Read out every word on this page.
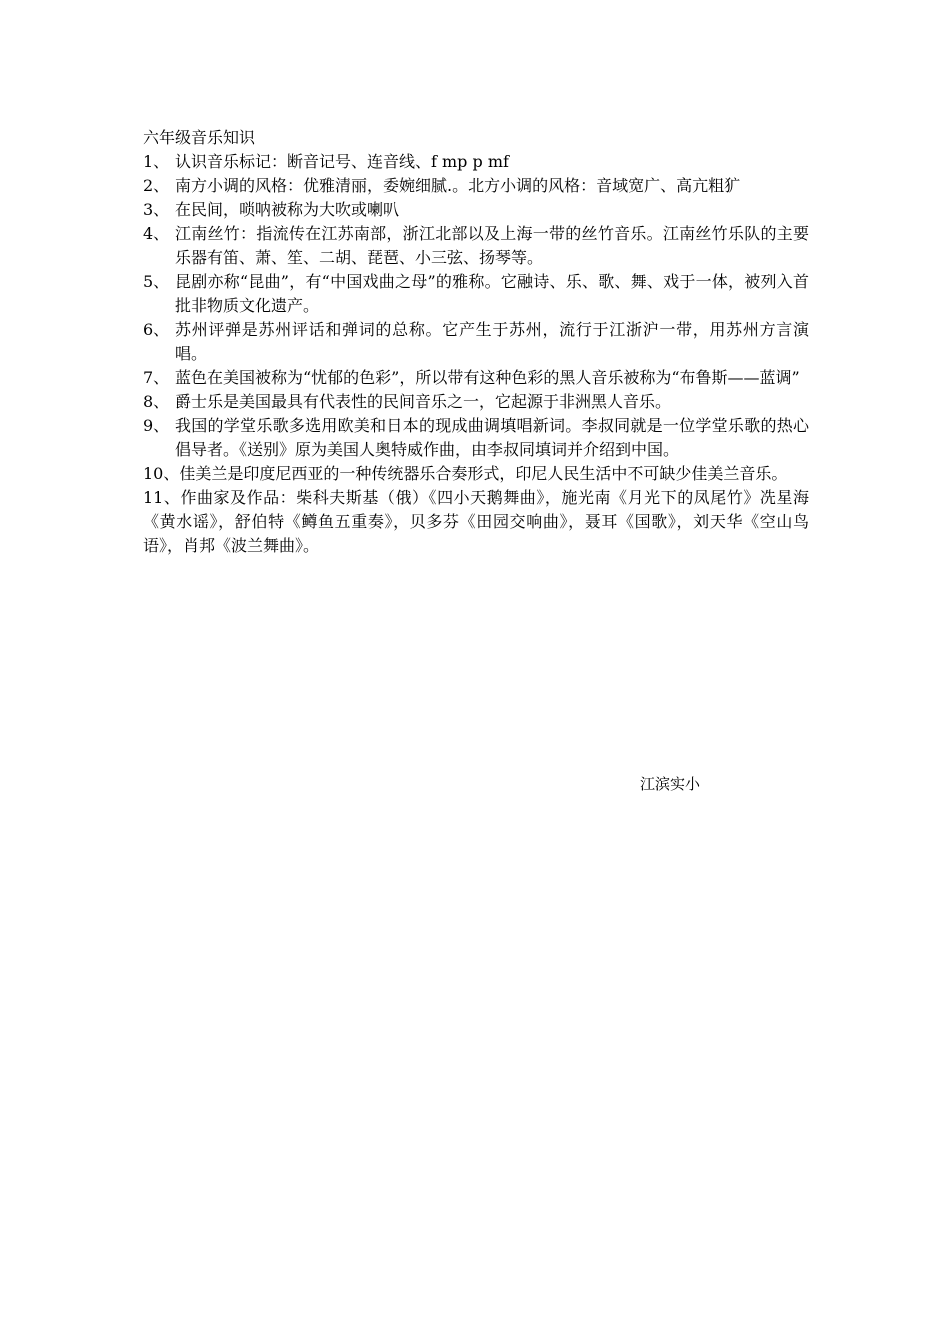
六年级音乐知识

1、 认识音乐标记：断音记号、连音线、f mp p mf
2、 南方小调的风格：优雅清丽，委婉细腻.。北方小调的风格：音域宽广、高亢粗犷
3、 在民间，唢呐被称为大吹或喇叭
4、 江南丝竹：指流传在江苏南部，浙江北部以及上海一带的丝竹音乐。江南丝竹乐队的主要乐器有笛、萧、笙、二胡、琵琶、小三弦、扬琴等。
5、 昆剧亦称“昆曲”，有“中国戏曲之母”的雅称。它融诗、乐、歌、舞、戏于一体，被列入首批非物质文化遗产。
6、 苏州评弹是苏州评话和弹词的总称。它产生于苏州，流行于江浙沪一带，用苏州方言演唱。
7、 蓝色在美国被称为“忧郁的色彩”，所以带有这种色彩的黑人音乐被称为“布鲁斯——蓝调”
8、 爵士乐是美国最具有代表性的民间音乐之一，它起源于非洲黑人音乐。
9、 我国的学堂乐歌多选用欧美和日本的现成曲调填唱新词。李叔同就是一位学堂乐歌的热心倡导者。《送别》原为美国人奥特威作曲，由李叔同填词并介绍到中国。

10、佳美兰是印度尼西亚的一种传统器乐合奏形式，印尼人民生活中不可缺少佳美兰音乐。

11、作曲家及作品：柴科夫斯基（俄）《四小天鹅舞曲》，施光南《月光下的凤尾竹》冼星海《黄水谣》，舒伯特《鳟鱼五重奏》，贝多芬《田园交响曲》，聂耳《国歌》，刘天华《空山鸟语》，肖邦《波兰舞曲》。

江滨实小
